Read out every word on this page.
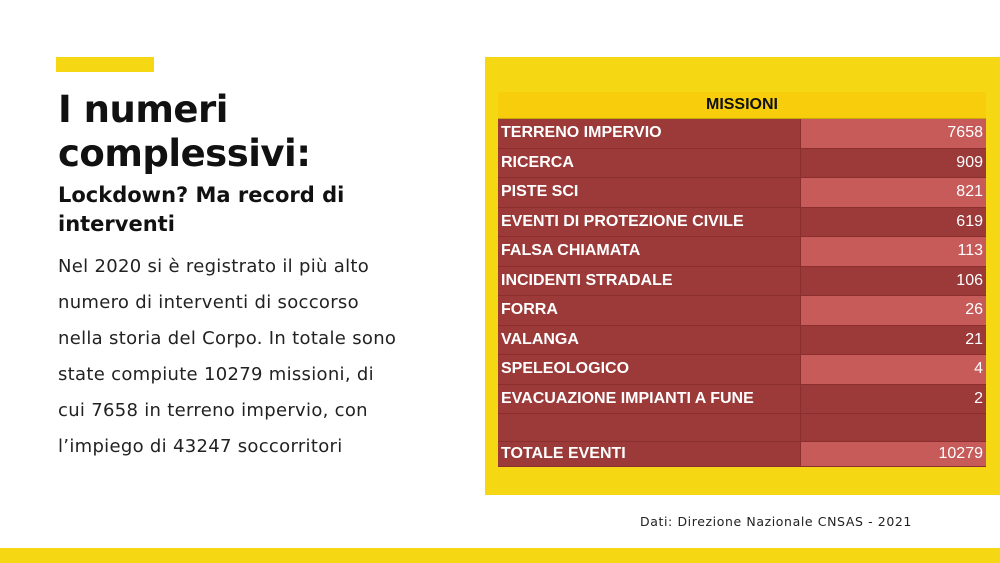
I numeri
complessivi:
Lockdown? Ma record di interventi

Nel 2020 si è registrato il più alto numero di interventi di soccorso nella storia del Corpo. In totale sono state compiute 10279 missioni, di cui 7658 in terreno impervio, con l’impiego di 43247 soccorritori

MISSIONI	
TERRENO IMPERVIO	7658
RICERCA	909
PISTE SCI	821
EVENTI DI PROTEZIONE CIVILE	619
FALSA CHIAMATA	113
INCIDENTI STRADALE	106
FORRA	26
VALANGA	21
SPELEOLOGICO	4
EVACUAZIONE IMPIANTI A FUNE	2

TOTALE EVENTI	10279

Dati: Direzione Nazionale CNSAS - 2021
